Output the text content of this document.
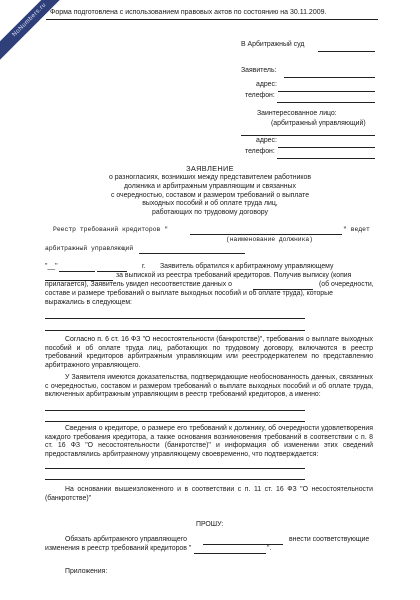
NoNumbers.ru Форма подготовлена с использованием правовых актов по состоянию на 30.11.2009.
В Арбитражный суд
Заявитель:
адрес:
телефон:
Заинтересованное лицо:
(арбитражный управляющий)
адрес:
телефон:
ЗАЯВЛЕНИЕ
о разногласиях, возникших между представителем работников
должника и арбитражным управляющим и связанных
с очередностью, составом и размером требований о выплате
выходных пособий и об оплате труда лиц,
работающих по трудовому договору
Реестр требований кредиторов "	" ведет
(наименование должника)
арбитражный управляющий
"__"	г. Заявитель обратился к арбитражному управляющему
за выпиской из реестра требований кредиторов. Получив выписку (копия
прилагается), Заявитель увидел несоответствие данных о	(об очередности,
составе и размере требований о выплате выходных пособий и об оплате труда), которые
выражались в следующем:
Согласно п. 6 ст. 16 ФЗ "О несостоятельности (банкротстве)", требования о выплате выходных пособий и об оплате труда лиц, работающих по трудовому договору, включаются в реестр требований кредиторов арбитражным управляющим или реестродержателем по представлению арбитражного управляющего.
У Заявителя имеются доказательства, подтверждающие необоснованность данных, связанных с очередностью, составом и размером требований о выплате выходных пособий и об оплате труда, включенных арбитражным управляющим в реестр требований кредиторов, а именно:
Сведения о кредиторе, о размере его требований к должнику, об очередности удовлетворения каждого требования кредитора, а также основания возникновения требований в соответствии с п. 8 ст. 16 ФЗ "О несостоятельности (банкротстве)" и информация об изменении этих сведений предоставлялись арбитражному управляющему своевременно, что подтверждается:
На основании вышеизложенного и в соответствии с п. 11 ст. 16 ФЗ "О несостоятельности (банкротстве)"
ПРОШУ:
Обязать арбитражного управляющего	внести соответствующие
изменения в реестр требований кредиторов "	".
Приложения:
